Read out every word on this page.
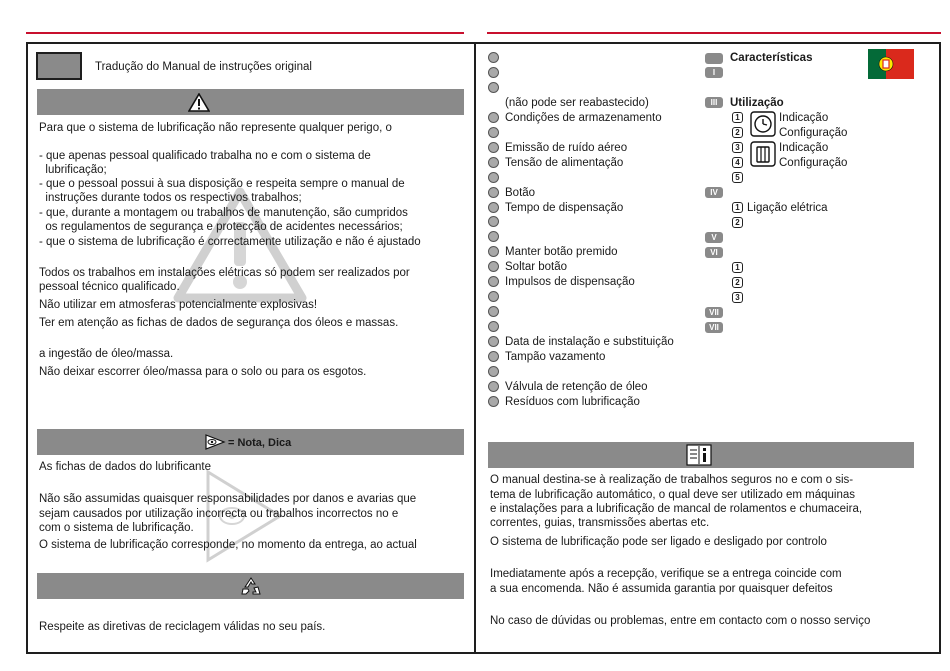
Tradução do Manual de instruções original
Para que o sistema de lubrificação não represente qualquer perigo, o
- que apenas pessoal qualificado trabalha no e com o sistema de
lubrificação;
- que o pessoal possui à sua disposição e respeita sempre o manual de
instruções durante todos os respectivos trabalhos;
- que, durante a montagem ou trabalhos de manutenção, são cumpridos
os regulamentos de segurança e protecção de acidentes necessários;
- que o sistema de lubrificação é correctamente utilização e não é ajustado
Todos os trabalhos em instalações elétricas só podem ser realizados por
pessoal técnico qualificado.
Não utilizar em atmosferas potencialmente explosivas!
Ter em atenção as fichas de dados de segurança dos óleos e massas.
a ingestão de óleo/massa.
Não deixar escorrer óleo/massa para o solo ou para os esgotos.
= Nota, Dica
As fichas de dados do lubrificante
Não são assumidas quaisquer responsabilidades por danos e avarias que
sejam causados por utilização incorrecta ou trabalhos incorrectos no e
com o sistema de lubrificação.
O sistema de lubrificação corresponde, no momento da entrega, ao actual
Respeite as diretivas de reciclagem válidas no seu país.
(não pode ser reabastecido)
Condições de armazenamento
Emissão de ruído aéreo
Tensão de alimentação
Botão
Tempo de dispensação
Manter botão premido
Soltar botão
Impulsos de dispensação
Data de instalação e substituição
Tampão vazamento
Válvula de retenção de óleo
Resíduos com lubrificação
Características
I
III	Utilização
1
2
Indicação
Configuração
3
4
Indicação
Configuração
5
IV
1 Ligação elétrica
2
V
VI
1
2
3
VII
VII
O manual destina-se à realização de trabalhos seguros no e com o sis-
tema de lubrificação automático, o qual deve ser utilizado em máquinas
e instalações para a lubrificação de mancal de rolamentos e chumaceira,
correntes, guias, transmissões abertas etc.
O sistema de lubrificação pode ser ligado e desligado por controlo
Imediatamente após a recepção, verifique se a entrega coincide com
a sua encomenda. Não é assumida garantia por quaisquer defeitos
No caso de dúvidas ou problemas, entre em contacto com o nosso serviço
